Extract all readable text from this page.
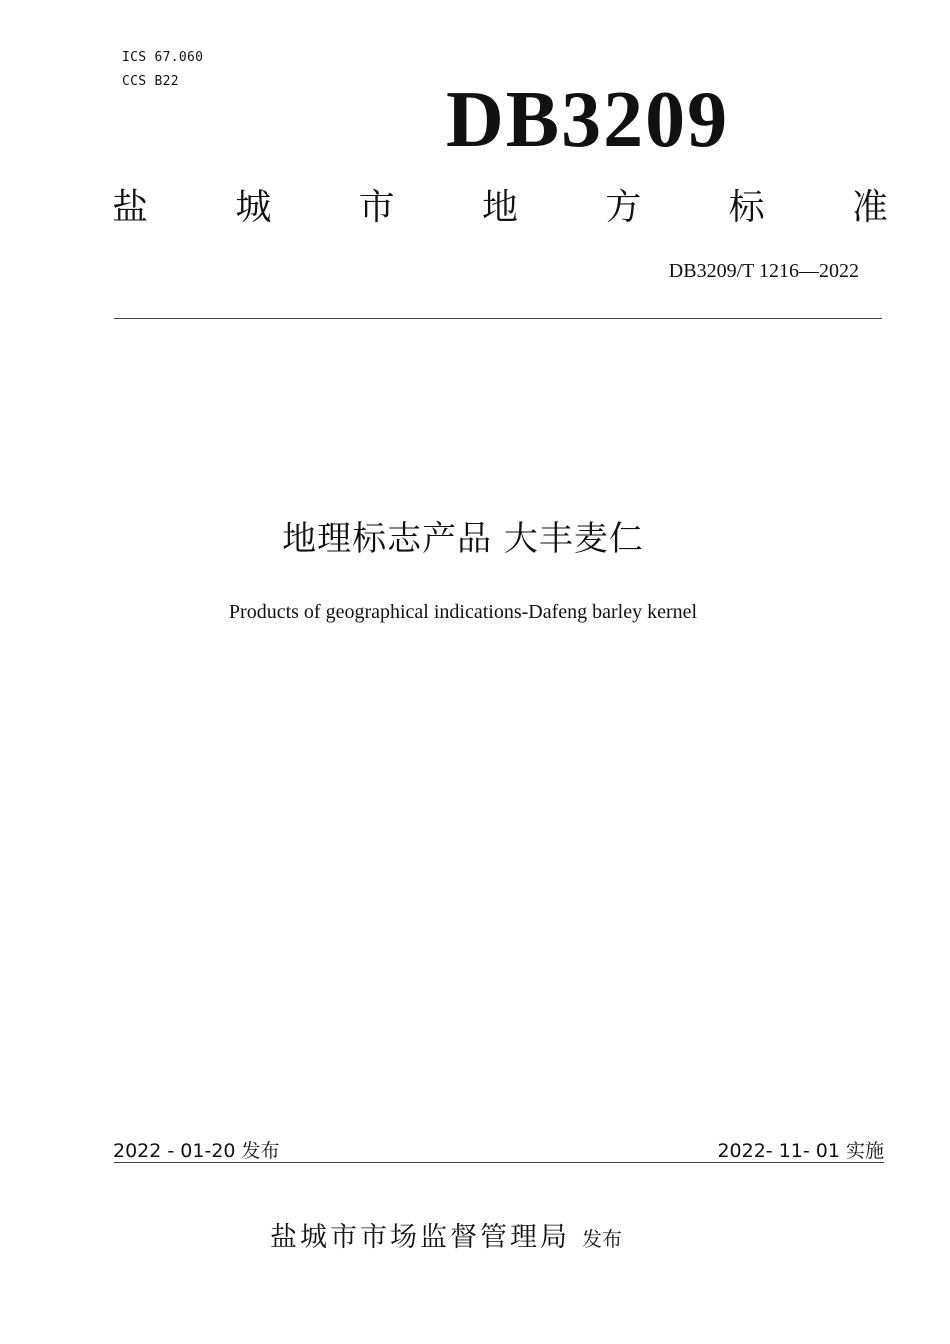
ICS 67.060
CCS B22	DB3209
盐 城 市 地 方 标 准
DB3209/T 1216—2022
地理标志产品 大丰麦仁
Products of geographical indications-Dafeng barley kernel
2022 - 01-20 发布	2022- 11- 01 实施
盐城市市场监督管理局 发布
